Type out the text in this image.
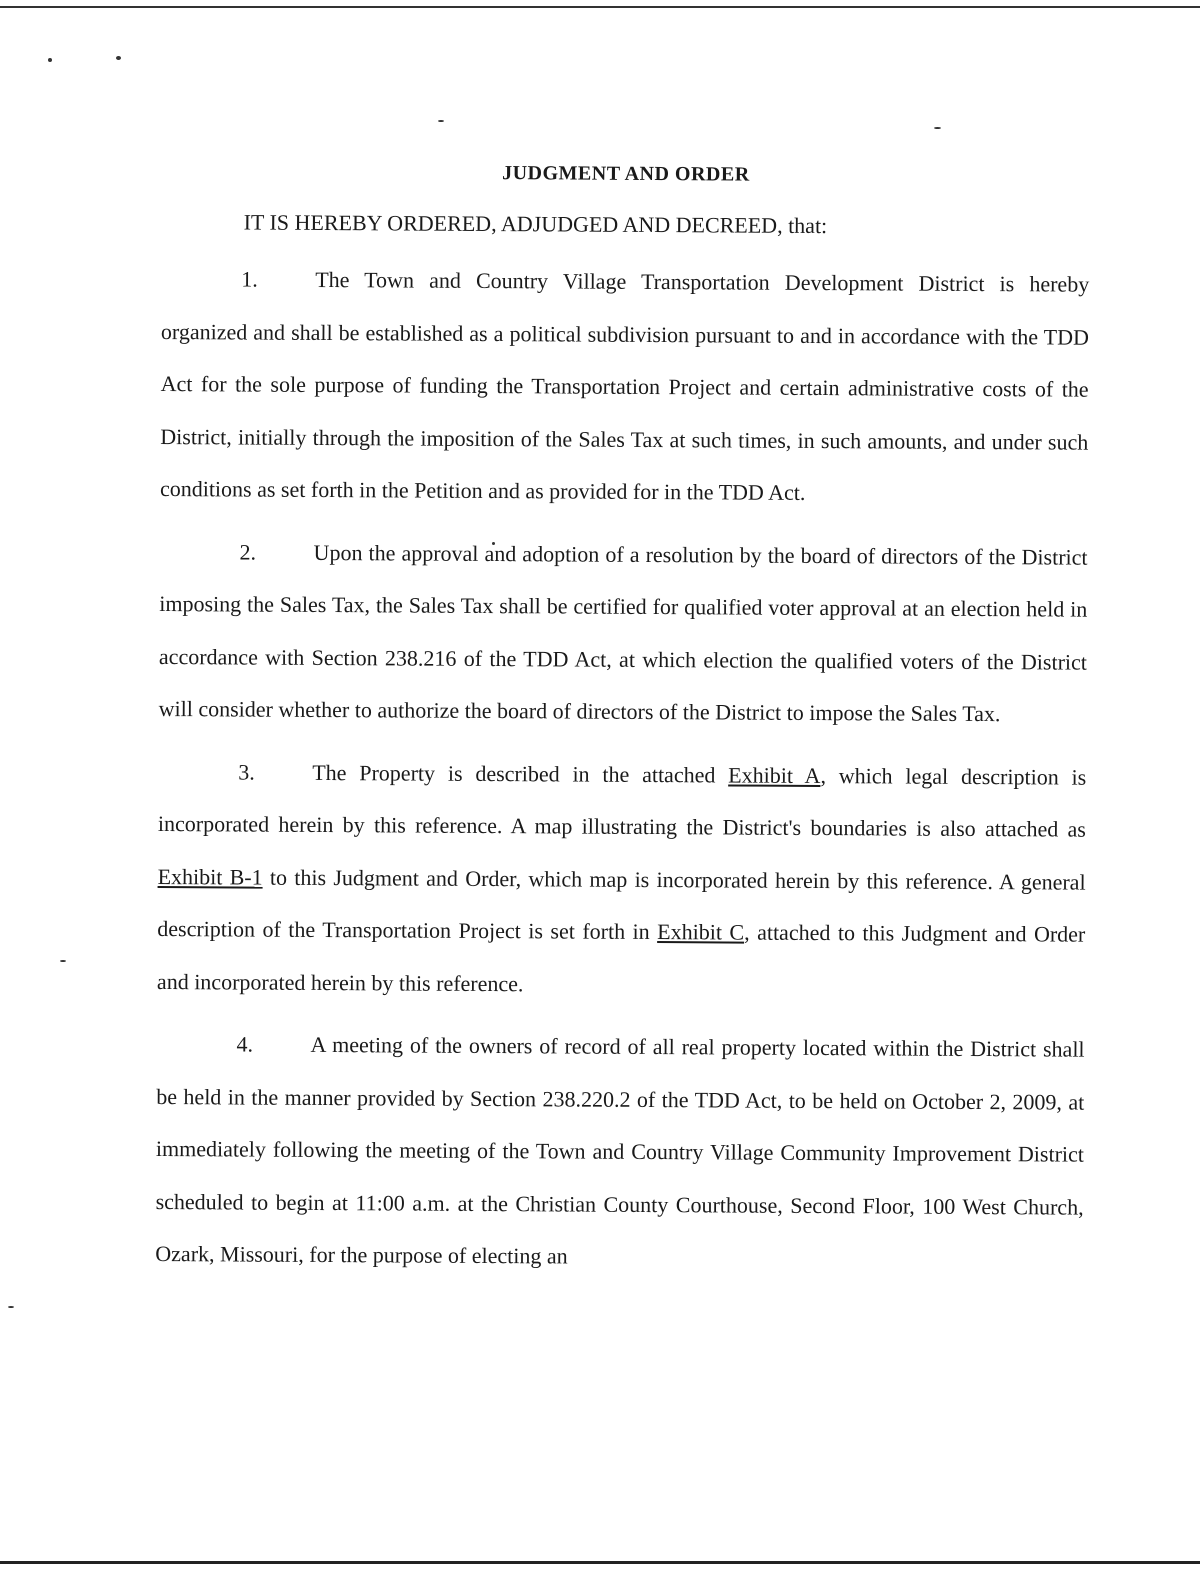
JUDGMENT AND ORDER
IT IS HEREBY ORDERED, ADJUDGED AND DECREED, that:

1.	The Town and Country Village Transportation Development District is hereby organized and shall be established as a political subdivision pursuant to and in accordance with the TDD Act for the sole purpose of funding the Transportation Project and certain administrative costs of the District, initially through the imposition of the Sales Tax at such times, in such amounts, and under such conditions as set forth in the Petition and as provided for in the TDD Act.

2.	Upon the approval and adoption of a resolution by the board of directors of the District imposing the Sales Tax, the Sales Tax shall be certified for qualified voter approval at an election held in accordance with Section 238.216 of the TDD Act, at which election the qualified voters of the District will consider whether to authorize the board of directors of the District to impose the Sales Tax.

3.	The Property is described in the attached Exhibit A, which legal description is incorporated herein by this reference. A map illustrating the District's boundaries is also attached as Exhibit B-1 to this Judgment and Order, which map is incorporated herein by this reference. A general description of the Transportation Project is set forth in Exhibit C, attached to this Judgment and Order and incorporated herein by this reference.

4.	A meeting of the owners of record of all real property located within the District shall be held in the manner provided by Section 238.220.2 of the TDD Act, to be held on October 2, 2009, at immediately following the meeting of the Town and Country Village Community Improvement District scheduled to begin at 11:00 a.m. at the Christian County Courthouse, Second Floor, 100 West Church, Ozark, Missouri, for the purpose of electing an
